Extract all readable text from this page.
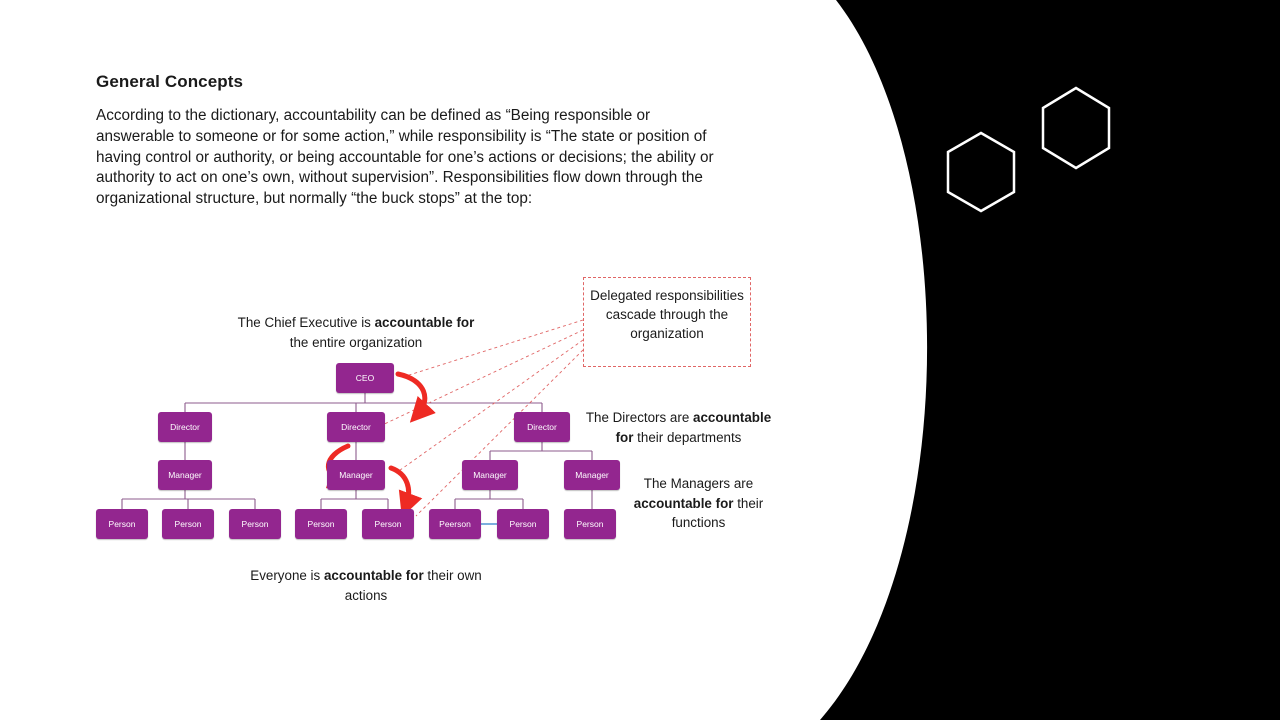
General Concepts
According to the dictionary, accountability can be defined as “Being responsible or answerable to someone or for some action,” while responsibility is “The state or position of having control or authority, or being accountable for one’s actions or decisions; the ability or authority to act on one’s own, without supervision”. Responsibilities flow down through the organizational structure, but normally “the buck stops” at the top:
Delegated responsibilities cascade through the organization
CEO
Director	Director	Director
Manager	Manager	Manager	Manager
Person	Person	Person	Person	Person	Peerson	Person	Person
The Chief Executive is accountable for the entire organization
The Directors are accountable for their departments
The Managers are accountable for their functions
Everyone is accountable for their own actions
